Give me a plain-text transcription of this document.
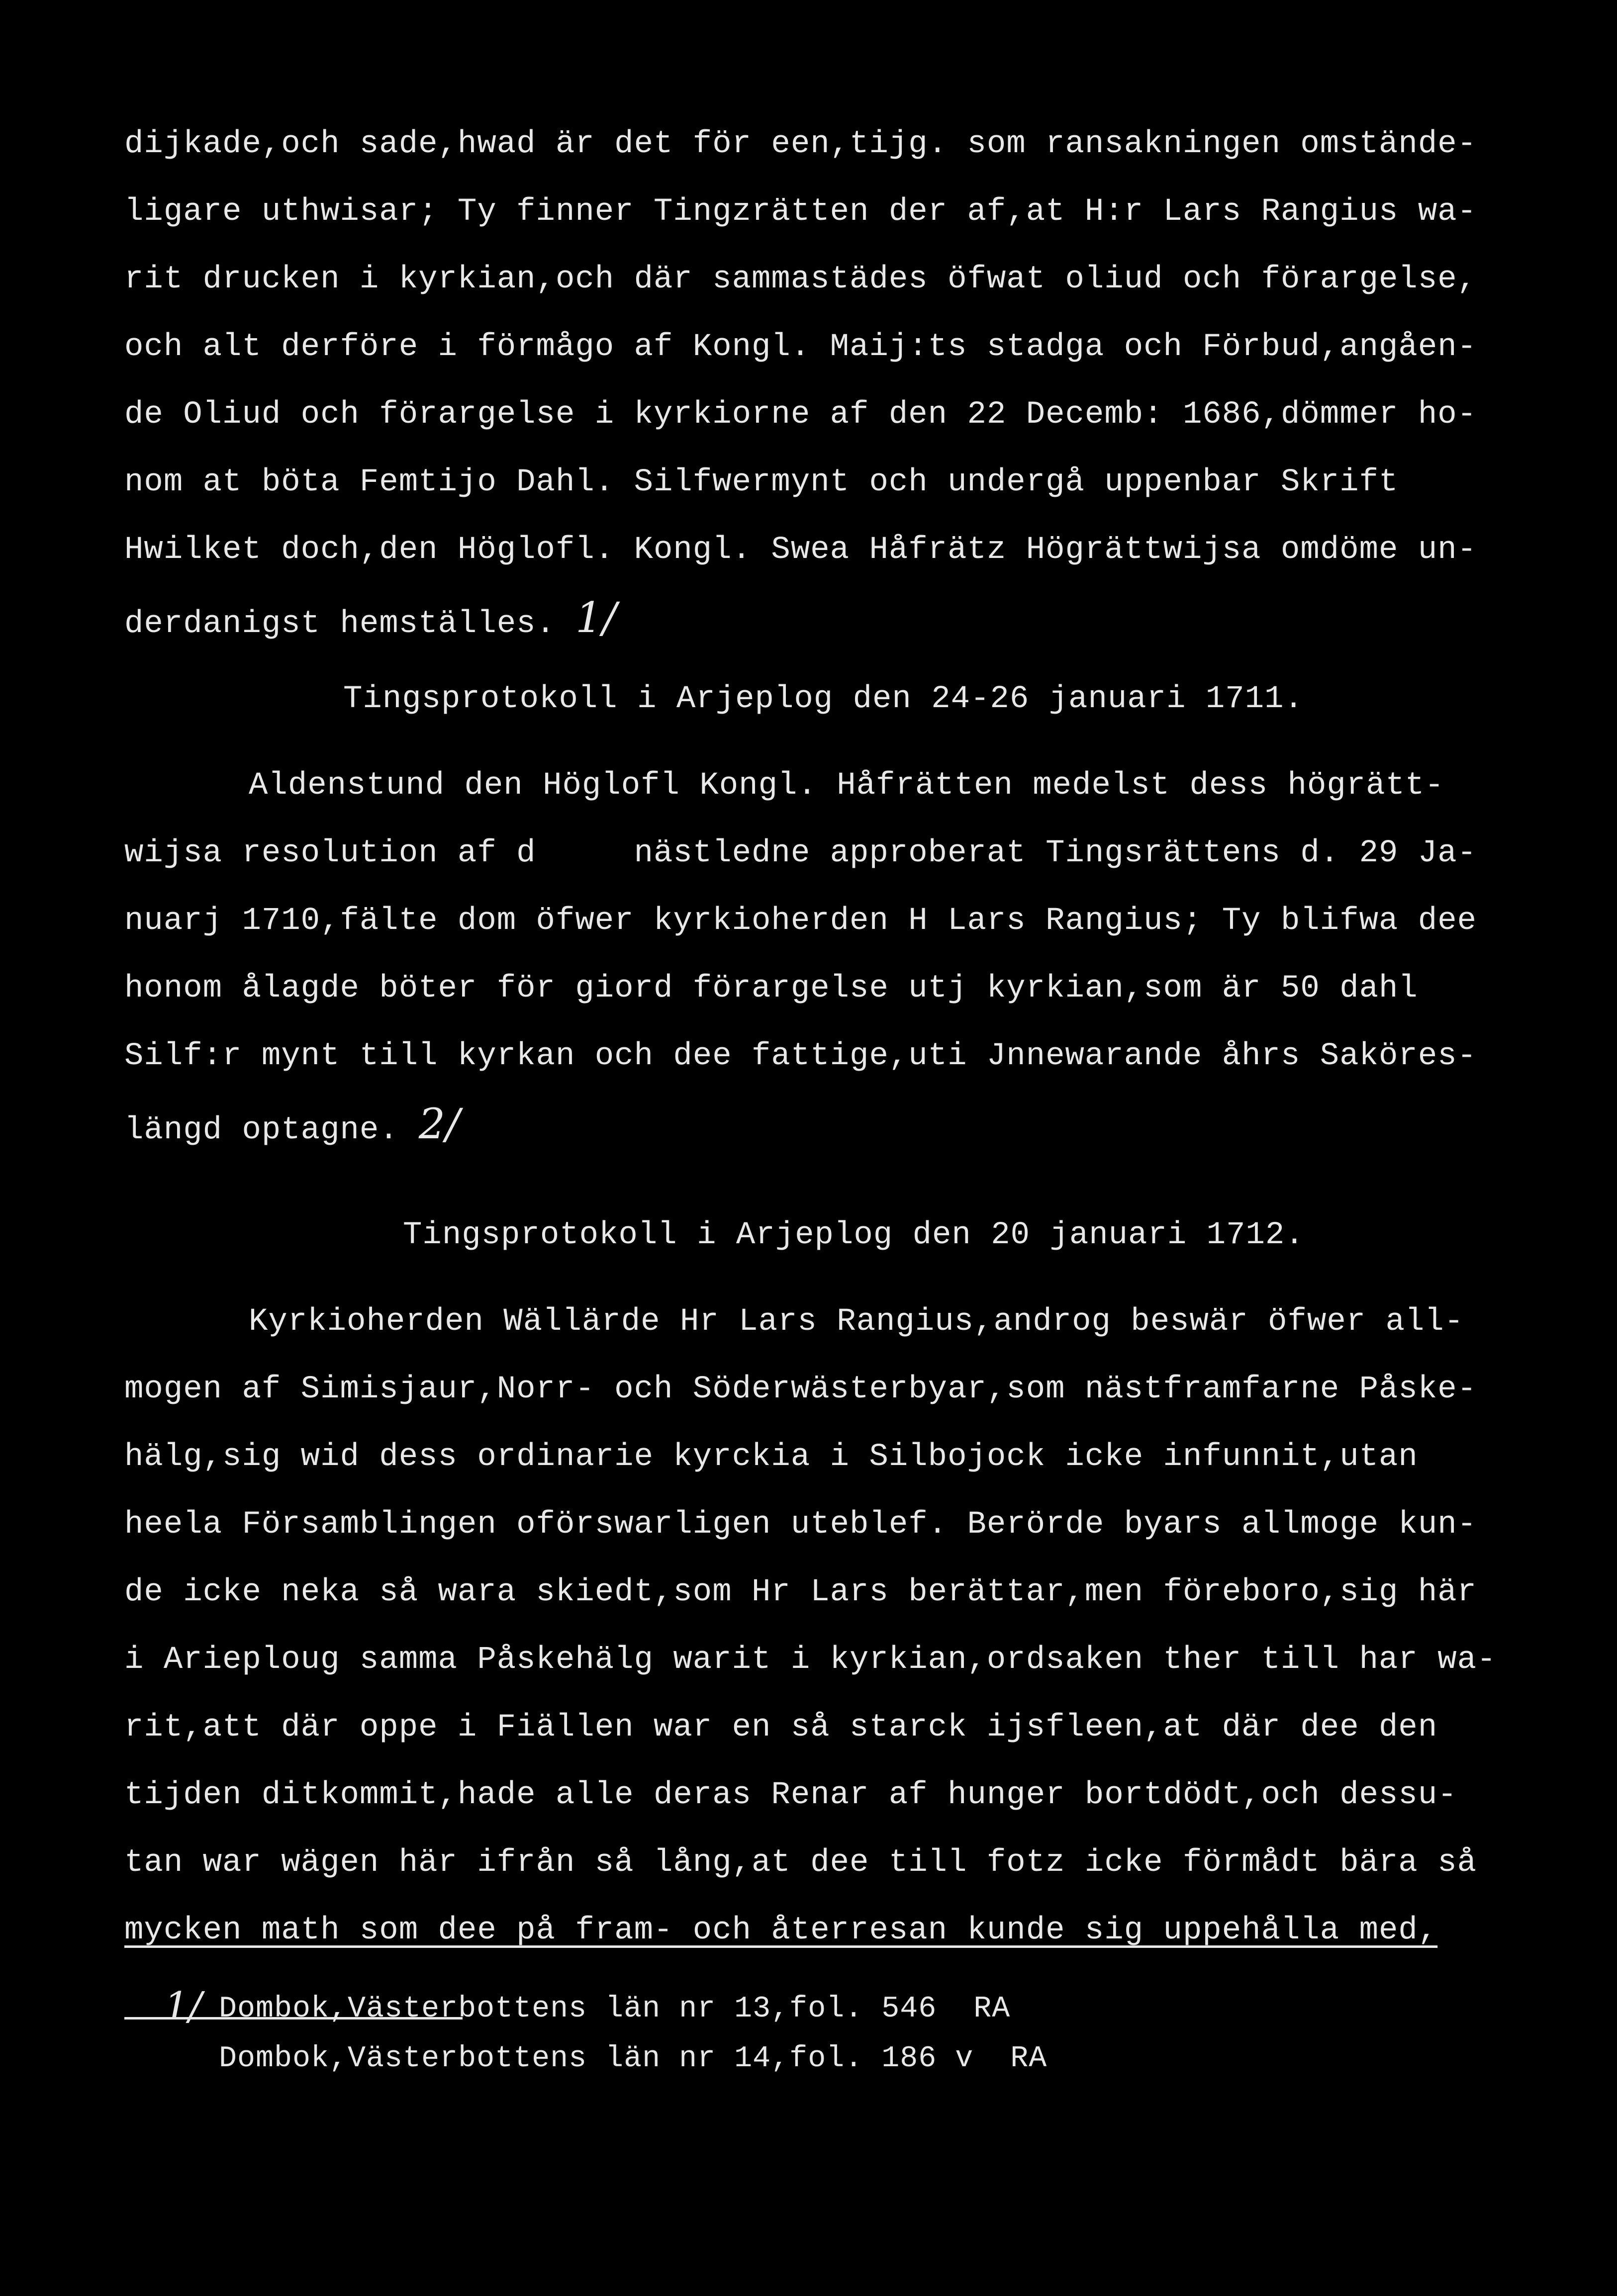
dijkade,och sade,hwad är det för een,tijg. som ransakningen omstände-
ligare uthwisar; Ty finner Tingzrätten der af,at H:r Lars Rangius wa-
rit drucken i kyrkian,och där sammastädes öfwat oliud och förargelse,
och alt derföre i förmågo af Kongl. Maij:ts stadga och Förbud,angåen-
de Oliud och förargelse i kyrkiorne af den 22 Decemb: 1686,dömmer ho-
nom at böta Femtijo Dahl. Silfwermynt och undergå uppenbar Skrift
Hwilket doch,den Höglofl. Kongl. Swea Håfrätz Högrättwijsa omdöme un-
derdanigst hemställes. 1/
Tingsprotokoll i Arjeplog den 24-26 januari 1711.
Aldenstund den Höglofl Kongl. Håfrätten medelst dess högrätt-
wijsa resolution af d     nästledne approberat Tingsrättens d. 29 Ja-
nuarj 1710,fälte dom öfwer kyrkioherden H Lars Rangius; Ty blifwa dee
honom ålagde böter för giord förargelse utj kyrkian,som är 50 dahl
Silf:r mynt till kyrkan och dee fattige,uti Jnnewarande åhrs Saköres-
längd optagne. 2/
Tingsprotokoll i Arjeplog den 20 januari 1712.
Kyrkioherden Wällärde Hr Lars Rangius,androg beswär öfwer all-
mogen af Simisjaur,Norr- och Söderwästerbyar,som nästframfarne Påske-
hälg,sig wid dess ordinarie kyrckia i Silbojock icke infunnit,utan
heela Församblingen oförswarligen uteblef. Berörde byars allmoge kun-
de icke neka så wara skiedt,som Hr Lars berättar,men föreboro,sig här
i Arieploug samma Påskehälg warit i kyrkian,ordsaken ther till har wa-
rit,att där oppe i Fiällen war en så starck ijsfleen,at där dee den
tijden ditkommit,hade alle deras Renar af hunger bortdödt,och dessu-
tan war wägen här ifrån så lång,at dee till fotz icke förmådt bära så
mycken math som dee på fram- och återresan kunde sig uppehålla med,
1/ Dombok,Västerbottens län nr 13,fol. 546  RA
Dombok,Västerbottens län nr 14,fol. 186 v  RA
